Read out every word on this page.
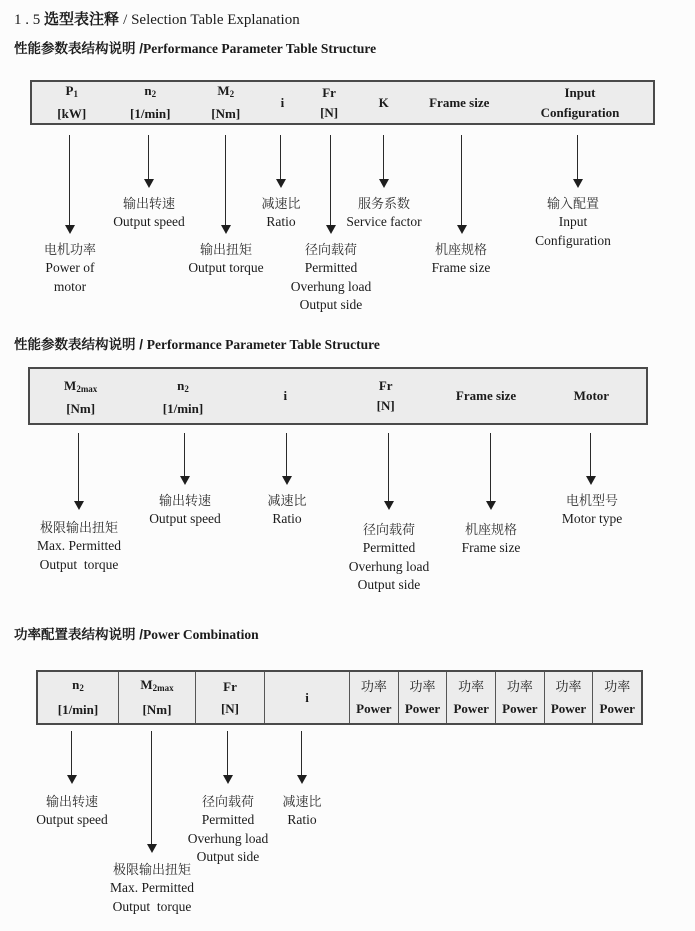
1 . 5 选型表注释 / Selection Table Explanation
性能参数表结构说明 /Performance Parameter Table Structure
$P_1$
[kW]
$n_2$
[1/min]
$M_2$
[Nm]
i
Fr
[N]
K	Frame size
Input
Configuration
电机功率
Power of
motor
输出转速
Output speed
输出扭矩
Output torque
减速比
Ratio
径向载荷
Permitted
Overhung load
Output side
服务系数
Service factor
机座规格
Frame size
输入配置
Input
Configuration
性能参数表结构说明 / Performance Parameter Table Structure
$M_{2max}$
[Nm]
$n_2$
[1/min]
i
Fr
[N]
Frame size	Motor
极限输出扭矩
Max. Permitted
Output  torque
输出转速
Output speed
减速比
Ratio
径向载荷
Permitted
Overhung load
Output side
机座规格
Frame size
电机型号
Motor type
功率配置表结构说明 /Power Combination
$n_2$
[1/min]
$M_{2max}$
[Nm]
Fr
[N]
i
功率
Power
功率
Power
功率
Power
功率
Power
功率
Power
功率
Power
输出转速
Output speed
极限输出扭矩
Max. Permitted
Output  torque
径向载荷
Permitted
Overhung load
Output side
减速比
Ratio
